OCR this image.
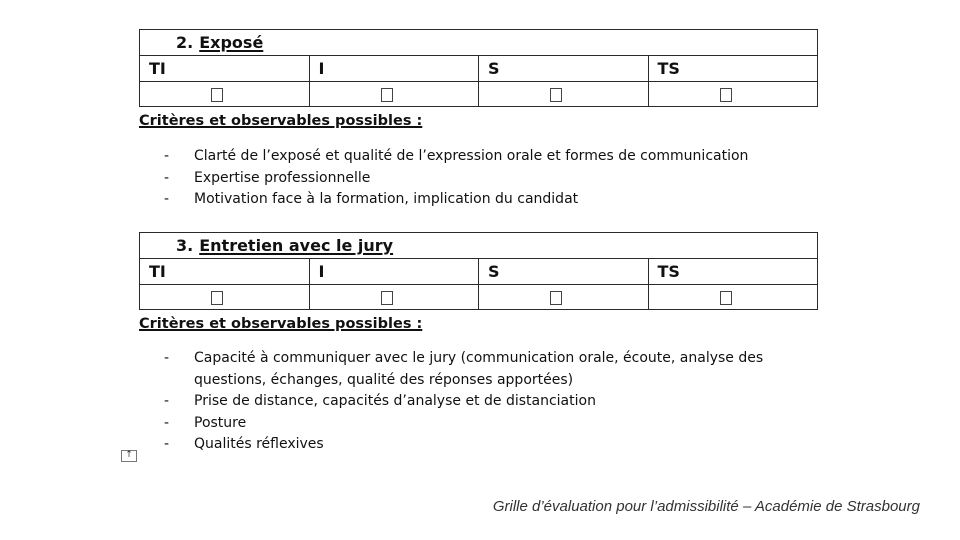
2. Exposé			
TI	I	S	TS

Critères et observables possibles :
- Clarté de l’exposé et qualité de l’expression orale et formes de communication
- Expertise professionnelle
- Motivation face à la formation, implication du candidat
3. Entretien avec le jury			
TI	I	S	TS

Critères et observables possibles :
- Capacité à communiquer avec le jury (communication orale, écoute, analyse des questions, échanges, qualité des réponses apportées)
- Prise de distance, capacités d’analyse et de distanciation
- Posture
- Qualités réflexives
↑
Grille d’évaluation pour l’admissibilité – Académie de Strasbourg
